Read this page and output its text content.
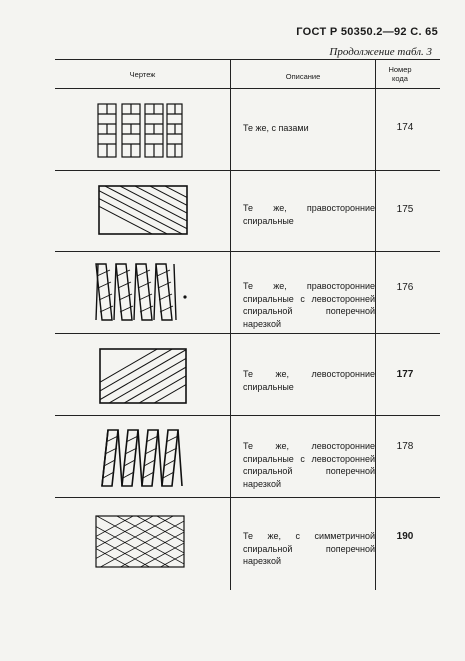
ГОСТ Р 50350.2—92 С. 65
Продолжение табл. 3
Чертеж	Описание
Номер кода
Те же, с пазами	174
Те же, правосторонние спиральные
175
Те же, правосторонние спиральные с левосторонней спиральной поперечной нарезкой
176
Те же, левосторонние спиральные
177
Те же, левосторонние спиральные с левосторонней спиральной поперечной нарезкой
178
Те же, с симметричной спиральной поперечной нарезкой
190
